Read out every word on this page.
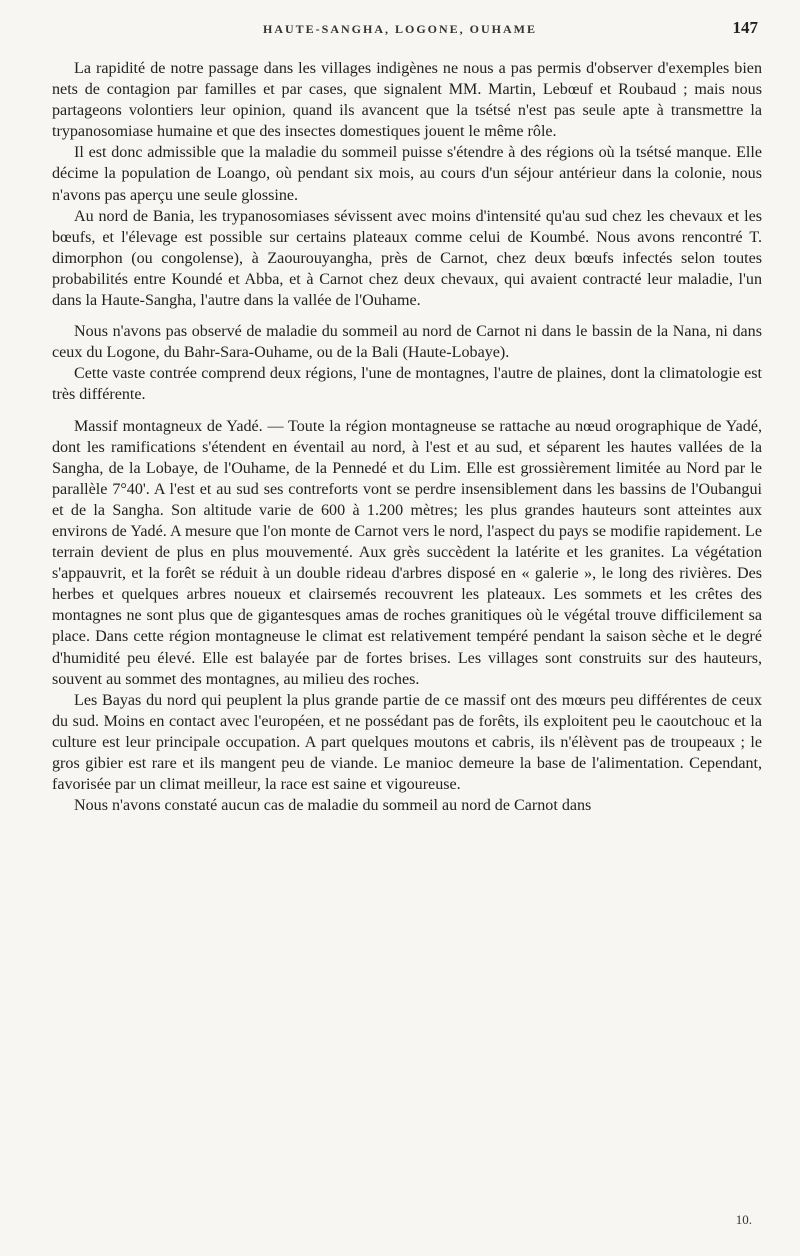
HAUTE-SANGHA, LOGONE, OUHAME	147

La rapidité de notre passage dans les villages indigènes ne nous a pas permis d'observer d'exemples bien nets de contagion par familles et par cases, que signalent MM. Martin, Lebœuf et Roubaud ; mais nous partageons volontiers leur opinion, quand ils avancent que la tsétsé n'est pas seule apte à transmettre la trypanosomiase humaine et que des insectes domestiques jouent le même rôle.

Il est donc admissible que la maladie du sommeil puisse s'étendre à des régions où la tsétsé manque. Elle décime la population de Loango, où pendant six mois, au cours d'un séjour antérieur dans la colonie, nous n'avons pas aperçu une seule glossine.

Au nord de Bania, les trypanosomiases sévissent avec moins d'intensité qu'au sud chez les chevaux et les bœufs, et l'élevage est possible sur certains plateaux comme celui de Koumbé. Nous avons rencontré T. dimorphon (ou congolense), à Zaourouyangha, près de Carnot, chez deux bœufs infectés selon toutes probabilités entre Koundé et Abba, et à Carnot chez deux chevaux, qui avaient contracté leur maladie, l'un dans la Haute-Sangha, l'autre dans la vallée de l'Ouhame.

Nous n'avons pas observé de maladie du sommeil au nord de Carnot ni dans le bassin de la Nana, ni dans ceux du Logone, du Bahr-Sara-Ouhame, ou de la Bali (Haute-Lobaye).

Cette vaste contrée comprend deux régions, l'une de montagnes, l'autre de plaines, dont la climatologie est très différente.

Massif montagneux de Yadé. — Toute la région montagneuse se rattache au nœud orographique de Yadé, dont les ramifications s'étendent en éventail au nord, à l'est et au sud, et séparent les hautes vallées de la Sangha, de la Lobaye, de l'Ouhame, de la Pennedé et du Lim. Elle est grossièrement limitée au Nord par le parallèle 7°40'. A l'est et au sud ses contreforts vont se perdre insensiblement dans les bassins de l'Oubangui et de la Sangha. Son altitude varie de 600 à 1.200 mètres; les plus grandes hauteurs sont atteintes aux environs de Yadé. A mesure que l'on monte de Carnot vers le nord, l'aspect du pays se modifie rapidement. Le terrain devient de plus en plus mouvementé. Aux grès succèdent la latérite et les granites. La végétation s'appauvrit, et la forêt se réduit à un double rideau d'arbres disposé en « galerie », le long des rivières. Des herbes et quelques arbres noueux et clairsemés recouvrent les plateaux. Les sommets et les crêtes des montagnes ne sont plus que de gigantesques amas de roches granitiques où le végétal trouve difficilement sa place. Dans cette région montagneuse le climat est relativement tempéré pendant la saison sèche et le degré d'humidité peu élevé. Elle est balayée par de fortes brises. Les villages sont construits sur des hauteurs, souvent au sommet des montagnes, au milieu des roches.

Les Bayas du nord qui peuplent la plus grande partie de ce massif ont des mœurs peu différentes de ceux du sud. Moins en contact avec l'européen, et ne possédant pas de forêts, ils exploitent peu le caoutchouc et la culture est leur principale occupation. A part quelques moutons et cabris, ils n'élèvent pas de troupeaux ; le gros gibier est rare et ils mangent peu de viande. Le manioc demeure la base de l'alimentation. Cependant, favorisée par un climat meilleur, la race est saine et vigoureuse.

Nous n'avons constaté aucun cas de maladie du sommeil au nord de Carnot dans

10.
